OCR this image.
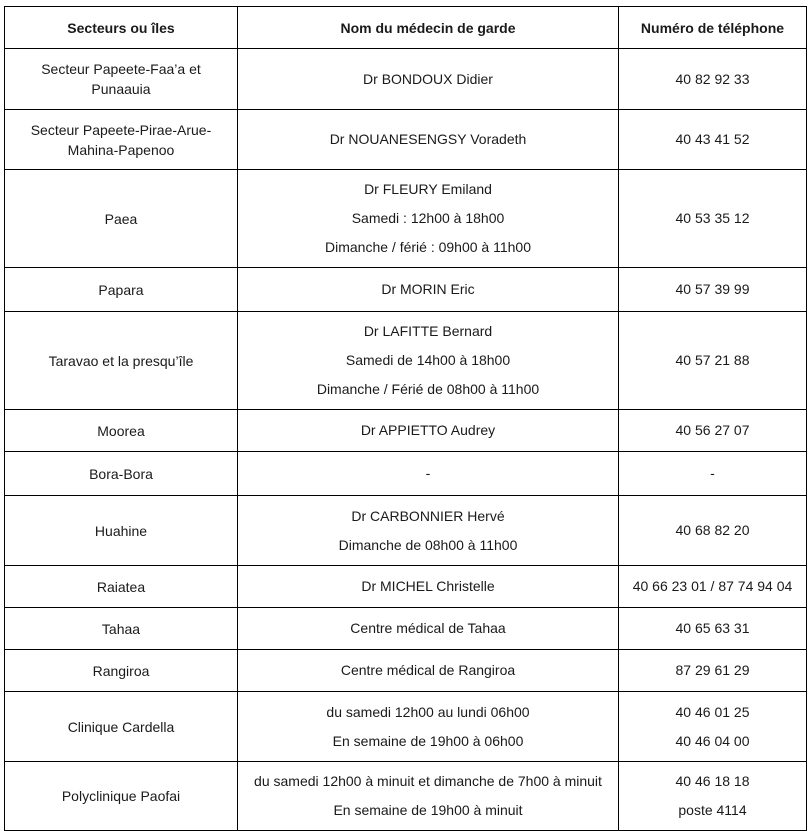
Secteurs ou îles	Nom du médecin de garde	Numéro de téléphone

Secteur Papeete-Faa’a et Punaauia	Dr BONDOUX Didier	40 82 92 33

Secteur Papeete-Pirae-Arue-Mahina-Papenoo	Dr NOUANESENGSY Voradeth	40 43 41 52

Paea	Dr FLEURY Emiland
Samedi : 12h00 à 18h00
Dimanche / férié : 09h00 à 11h00	40 53 35 12

Papara	Dr MORIN Eric	40 57 39 99

Taravao et la presqu’île	Dr LAFITTE Bernard
Samedi de 14h00 à 18h00
Dimanche / Férié de 08h00 à 11h00	40 57 21 88

Moorea	Dr APPIETTO Audrey	40 56 27 07

Bora-Bora	-	-

Huahine	Dr CARBONNIER Hervé
Dimanche de 08h00 à 11h00	40 68 82 20

Raiatea	Dr MICHEL Christelle	40 66 23 01 / 87 74 94 04

Tahaa	Centre médical de Tahaa	40 65 63 31

Rangiroa	Centre médical de Rangiroa	87 29 61 29

Clinique Cardella	du samedi 12h00 au lundi 06h00
En semaine de 19h00 à 06h00	40 46 01 25
40 46 04 00

Polyclinique Paofai	du samedi 12h00 à minuit et dimanche de 7h00 à minuit
En semaine de 19h00 à minuit	40 46 18 18
poste 4114
